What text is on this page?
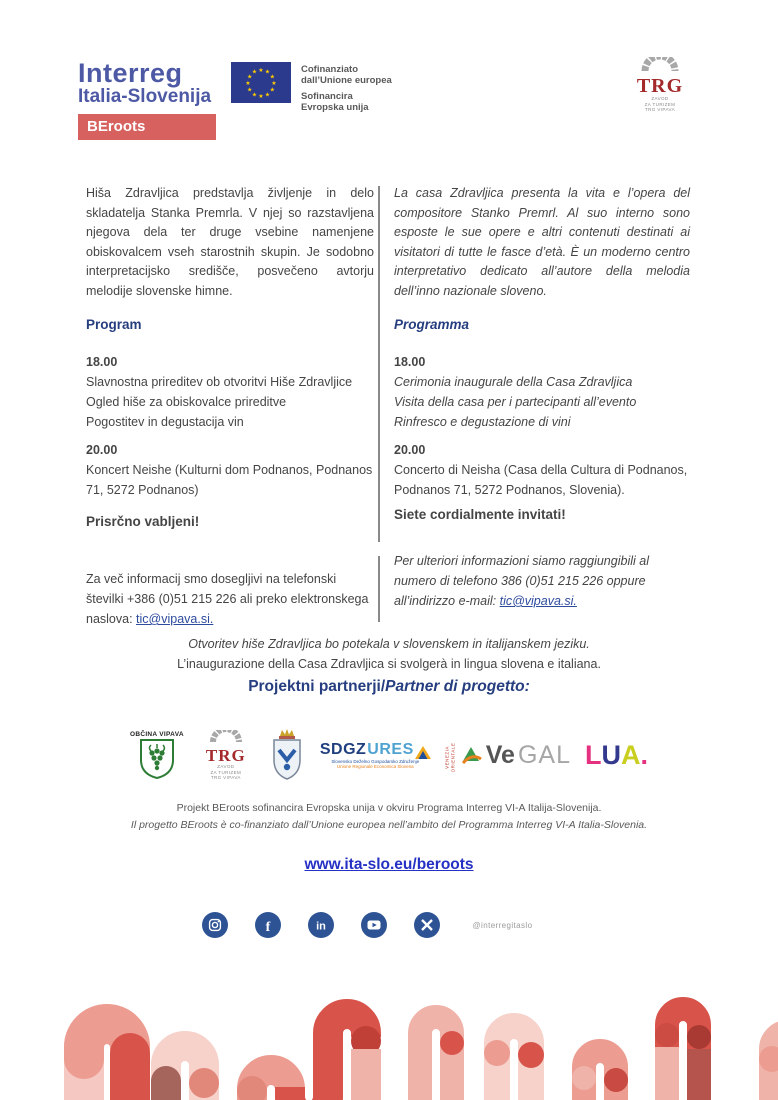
Interreg
Italia-Slovenija
BEroots
★ ★
★
★
★
★
★
★
★
★
★
★	Cofinanziato
dall’Unione europea
Sofinancira
Evropska unija
TRG
ZAVOD
ZA TURIZEM
TRG VIPAVA

Hiša Zdravljica predstavlja življenje in delo skladatelja Stanka Premrla. V njej so razstavljena njegova dela ter druge vsebine namenjene obiskovalcem vseh starostnih skupin. Je sodobno interpretacijsko središče, posvečeno avtorju melodije slovenske himne.

Program
18.00
Slavnostna prireditev ob otvoritvi Hiše Zdravljice
Ogled hiše za obiskovalce prireditve
Pogostitev in degustacija vin
20.00
Koncert Neishe (Kulturni dom Podnanos, Podnanos 71, 5272 Podnanos)
Prisrčno vabljeni!
Za več informacij smo dosegljivi na telefonski številki +386 (0)51 215 226 ali preko elektronskega naslova: tic@vipava.si.

La casa Zdravljica presenta la vita e l’opera del compositore Stanko Premrl. Al suo interno sono esposte le sue opere e altri contenuti destinati ai visitatori di tutte le fasce d’età. È un moderno centro interpretativo dedicato all’autore della melodia dell’inno nazionale sloveno.

Programma
18.00
Cerimonia inaugurale della Casa Zdravljica
Visita della casa per i partecipanti all’evento
Rinfresco e degustazione di vini
20.00
Concerto di Neisha (Casa della Cultura di Podnanos, Podnanos 71, 5272 Podnanos, Slovenia).
Siete cordialmente invitati!
Per ulteriori informazioni siamo raggiungibili al numero di telefono 386 (0)51 215 226 oppure all’indirizzo e-mail: tic@vipava.si.
Otvoritev hiše Zdravljica bo potekala v slovenskem in italijanskem jeziku.
L’inaugurazione della Casa Zdravljica si svolgerà in lingua slovena e italiana.
Projektni partnerji/Partner di progetto:
OBČINA VIPAVA
TRG
ZAVOD
ZA TURIZEM
TRG VIPAVA
SDGZ URES
Slovensko Deželno Gospodarsko Združenje
Unione Regionale Economica Slovena	VENEZIA
ORIENTALE Ve GAL LUA.
Projekt BEroots sofinancira Evropska unija v okviru Programa Interreg VI-A Italija-Slovenija.
Il progetto BEroots è co-finanziato dall’Unione europea nell’ambito del Programma Interreg VI-A Italia-Slovenia.
www.ita-slo.eu/beroots
f	in	@interregitaslo
